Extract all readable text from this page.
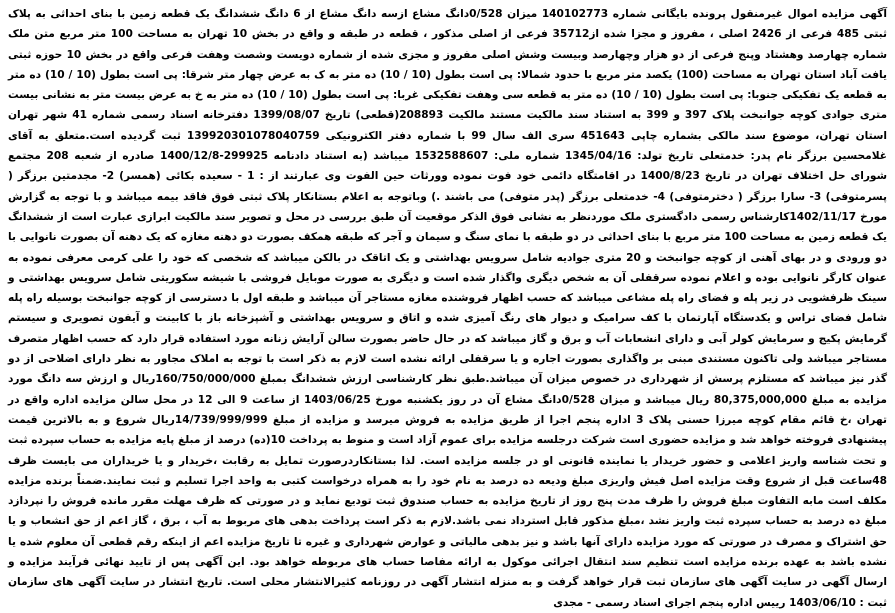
آگهی مزایده اموال غیرمنقول پرونده بایگانی شماره 140102773 میزان 0/528دانگ مشاع ازسه دانگ مشاع از 6 دانگ ششدانگ یک قطعه زمین با بنای احداثی به پلاک ثبتی 485 فرعی از 2426 اصلی ، مفروز و مجزا شده از35712 فرعی از اصلی مذکور ، قطعه در طبقه و واقع در بخش 10 تهران به مساحت 100 متر مربع متن ملک شماره چهارصد وهشتاد وپنج فرعی از دو هزار وچهارصد وبیست وشش اصلی مفروز و مجزی شده از شماره دویست وشصت وهفت فرعی واقع در بخش 10 حوزه ثبتی یافت آباد استان تهران به مساحت (100) یکصد متر مربع با حدود شمالا: پی است بطول (10 / 10) ده متر به ک به عرض چهار متر شرقا: پی است بطول (10 / 10) ده متر به قطعه یک تفکیکی جنوبا: پی است بطول (10 / 10) ده متر به قطعه سی وهفت تفکیکی غربا: پی است بطول (10 / 10) ده متر به خ به عرض بیست متر به نشانی بیست متری جوادی کوچه جوانبخت پلاک 397 و 399 به استناد سند مالکیت مستند مالکیت 208893(قطعی) تاریخ 1399/08/07 دفترخانه اسناد رسمی شماره 41 شهر تهران استان تهران، موضوع سند مالکی بشماره چاپی 451643 سری الف سال 99 با شماره دفتر الکترونیکی 139920301078040759 ثبت گردیده است.متعلق به آقای غلامحسین برزگر نام پدر: خدمتعلی تاریخ تولد: 1345/04/16 شماره ملی: 1532588607 میباشد (به استناد دادنامه 299925-1400/12/8 صادره از شعبه 208 مجتمع شورای حل اختلاف تهران در تاریخ 1400/8/23 در اقامتگاه دائمی خود فوت نموده وورثات حین الفوت وی عبارتند از : 1 - سعیده بکائی (همسر) 2- مجدمتین برزگر ( پسرمتوفی) 3- سارا برزگر ( دخترمتوفی) 4- خدمتعلی برزگر (پدر متوفی) می باشند .) وباتوجه به اعلام بستانکار پلاک ثبتی فوق فاقد بیمه میباشد و با توجه به گزارش مورخ 1402/11/17کارشناس رسمی دادگستری ملک موردنظر به نشانی فوق الذکر موقعیت آن طبق بررسی در محل و تصویر سند مالکیت ابرازی عبارت است از ششدانگ یک قطعه زمین به مساحت 100 متر مربع با بنای احداثی در دو طبقه با نمای سنگ و سیمان و آجر که طبقه همکف بصورت دو دهنه مغازه که یک دهنه آن بصورت نانوایی با دو ورودی و در بهای آهنی از کوچه جوانبخت و 20 متری جوادیه شامل سرویس بهداشتی و یک اتاقک در بالکن میباشد که شخصی که خود را علی کرمی معرفی نموده به عنوان کارگر نانوایی بوده و اعلام نموده سرقفلی آن به شخص دیگری واگذار شده است و دیگری به صورت موبایل فروشی با شیشه سکوریتی شامل سرویس بهداشتی و سینک ظرفشویی در زیر پله و فضای راه پله مشاعی میباشد که حسب اظهار فروشنده مغازه مستاجر آن میباشد و طبقه اول با دسترسی از کوچه جوانبخت بوسیله راه پله شامل فضای تراس و یکدستگاه آپارتمان با کف سرامیک و دیوار های رنگ آمیزی شده و اتاق و سرویس بهداشتی و آشپزخانه باز با کابینت و آیفون تصویری و سیستم گرمایش پکیج و سرمایش کولر آبی و دارای انشعابات آب و برق و گاز میباشد که در حال حاضر بصورت سالن آرایش زنانه مورد استفاده قرار دارد که حسب اظهار متصرف مستاجر میباشد ولی تاکنون مستندی مبنی بر واگذاری بصورت اجاره و یا سرقفلی ارائه نشده است لازم به ذکر است با توجه به املاک مجاور به نظر دارای اضلاحی از دو گذر نیز میباشد که مستلزم پرسش از شهرداری در خصوص میزان آن میباشد.طبق نظر کارشناسی ارزش ششدانگ بمبلغ 160/750/000/000ریال و ارزش سه دانگ مورد مزایده به مبلغ 80,375,000,000 ریال میباشد و میزان 0/528دانگ مشاع آن در روز یکشنبه مورخ 1403/06/25 از ساعت 9 الی 12 در محل سالن مزایده اداره واقع در تهران ،خ قائم مقام کوچه میرزا حسنی پلاک 3 اداره پنجم اجرا از طریق مزایده به فروش میرسد و مزایده از مبلغ 14/739/999/999ریال شروع و به بالاترین قیمت پیشنهادی فروخته خواهد شد و مزایده حضوری است شرکت درجلسه مزایده برای عموم آزاد است و منوط به پرداخت 10(ده) درصد از مبلغ پایه مزایده به حساب سپرده ثبت و تحت شناسه واریز اعلامی و حضور خریدار یا نماینده قانونی او در جلسه مزایده است. لذا بستانکاردرصورت تمایل به رقابت ،خریدار و یا خریداران می بایست ظرف 48ساعت قبل از شروع وقت مزایده اصل فیش واریزی مبلغ ودیعه ده درصد به نام خود را به همراه درخواست کتبی به واحد اجرا تسلیم و ثبت نمایند.ضمناً برنده مزایده مکلف است مابه التفاوت مبلغ فروش را ظرف مدت پنج روز از تاریخ مزایده به حساب صندوق ثبت تودیع نماید و در صورتی که ظرف مهلت مقرر مانده فروش را نپردازد مبلغ ده درصد به حساب سپرده ثبت واریز نشد ،مبلغ مذکور قابل استرداد نمی باشد.لازم به ذکر است پرداخت بدهی های مربوط به آب ، برق ، گاز اعم از حق انشعاب و یا حق اشتراک و مصرف در صورتی که مورد مزایده دارای آنها باشد و نیز بدهی مالیاتی و عوارض شهرداری و غیره تا تاریخ مزایده اعم از اینکه رقم قطعی آن معلوم شده یا نشده باشد به عهده برنده مزایده است تنظیم سند انتقال اجرائی موکول به ارائه مفاصا حساب های مربوطه خواهد بود. این آگهی پس از تایید نهائی فرآیند مزایده و ارسال آگهی در سایت آگهی های سازمان ثبت قرار خواهد گرفت و به منزله انتشار آگهی در روزنامه کثیرالانتشار محلی است. تاریخ انتشار در سایت آگهی های سازمان ثبت : 1403/06/10 رییس اداره پنجم اجرای اسناد رسمی - مجدی
